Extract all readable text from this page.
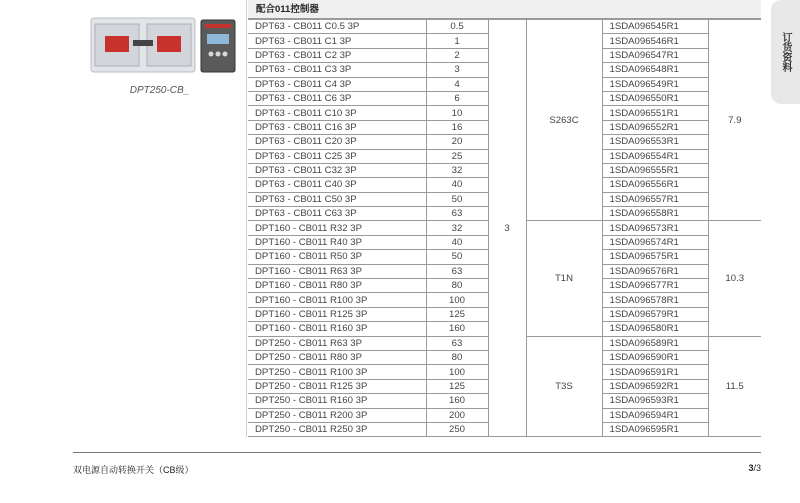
DPT250-CB_
配合011控制器
DPT63 - CB011 C0.5 3P	0.5	3	S263C	1SDA096545R1	7.9
DPT63 - CB011 C1 3P	1			1SDA096546R1	
DPT63 - CB011 C2 3P	2			1SDA096547R1	
DPT63 - CB011 C3 3P	3			1SDA096548R1	
DPT63 - CB011 C4 3P	4			1SDA096549R1	
DPT63 - CB011 C6 3P	6			1SDA096550R1	
DPT63 - CB011 C10 3P	10			1SDA096551R1	
DPT63 - CB011 C16 3P	16			1SDA096552R1	
DPT63 - CB011 C20 3P	20			1SDA096553R1	
DPT63 - CB011 C25 3P	25			1SDA096554R1	
DPT63 - CB011 C32 3P	32			1SDA096555R1	
DPT63 - CB011 C40 3P	40			1SDA096556R1	
DPT63 - CB011 C50 3P	50			1SDA096557R1	
DPT63 - CB011 C63 3P	63			1SDA096558R1	
DPT160 - CB011 R32 3P	32		T1N	1SDA096573R1	10.3
DPT160 - CB011 R40 3P	40			1SDA096574R1	
DPT160 - CB011 R50 3P	50			1SDA096575R1	
DPT160 - CB011 R63 3P	63			1SDA096576R1	
DPT160 - CB011 R80 3P	80			1SDA096577R1	
DPT160 - CB011 R100 3P	100			1SDA096578R1	
DPT160 - CB011 R125 3P	125			1SDA096579R1	
DPT160 - CB011 R160 3P	160			1SDA096580R1	
DPT250 - CB011 R63 3P	63		T3S	1SDA096589R1	11.5
DPT250 - CB011 R80 3P	80			1SDA096590R1	
DPT250 - CB011 R100 3P	100			1SDA096591R1	
DPT250 - CB011 R125 3P	125			1SDA096592R1	
DPT250 - CB011 R160 3P	160			1SDA096593R1	
DPT250 - CB011 R200 3P	200			1SDA096594R1	
DPT250 - CB011 R250 3P	250			1SDA096595R1	
订货资料
双电源自动转换开关（CB级）	3/3
